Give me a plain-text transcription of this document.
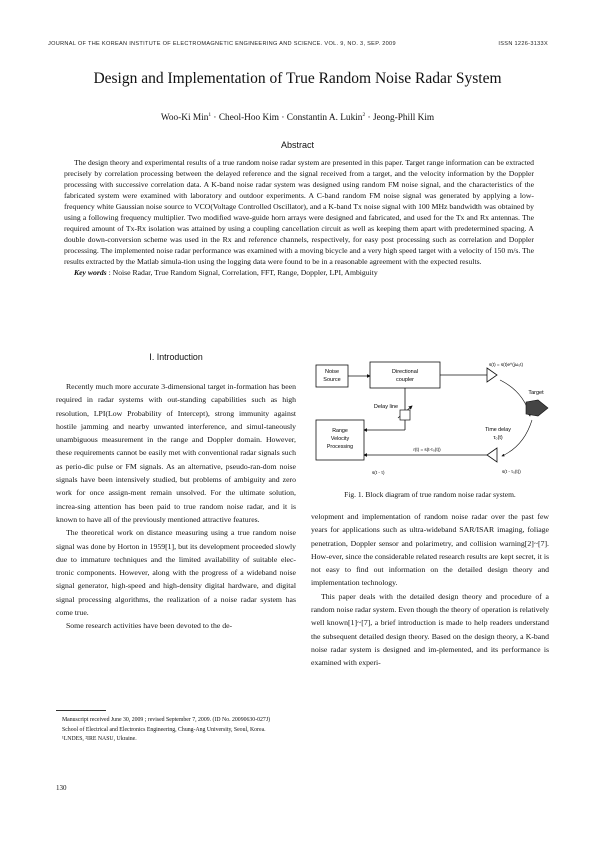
JOURNAL OF THE KOREAN INSTITUTE OF ELECTROMAGNETIC ENGINEERING AND SCIENCE. VOL. 9, NO. 3, SEP. 2009	ISSN 1226-3133X
Design and Implementation of True Random Noise Radar System
Woo-Ki Min$^1$ · Cheol-Hoo Kim · Constantin A. Lukin$^2$ · Jeong-Phill Kim
Abstract

The design theory and experimental results of a true random noise radar system are presented in this paper. Target range information can be extracted precisely by correlation processing between the delayed reference and the signal received from a target, and the velocity information by the Doppler processing with successive correlation data. A K-band noise radar system was designed using random FM noise signal, and the characteristics of the fabricated system were examined with laboratory and outdoor experiments. A C-band random FM noise signal was generated by applying a low-frequency white Gaussian noise source to VCO(Voltage Controlled Oscillator), and a K-band Tx noise signal with 100 MHz bandwidth was obtained by using a following frequency multiplier. Two modified wave-guide horn arrays were designed and fabricated, and used for the Tx and Rx antennas. The required amount of Tx-Rx isolation was attained by using a coupling cancellation circuit as well as keeping them apart with predetermined spacing. A double down-conversion scheme was used in the Rx and reference channels, respectively, for easy post processing such as correlation and Doppler processing. The implemented noise radar performance was examined with a moving bicycle and a very high speed target with a velocity of 150 m/s. The results extracted by the Matlab simula-tion using the logging data were found to be in a reasonable agreement with the expected results.

Key words : Noise Radar, True Random Signal, Correlation, FFT, Range, Doppler, LPI, Ambiguity

Ⅰ. Introduction

Recently much more accurate 3-dimensional target in-formation has been required in radar systems with out-standing capabilities such as high resolution, LPI(Low Probability of Intercept), strong immunity against hostile jamming and nearby unwanted interference, and simul-taneously unambiguous measurement in the range and Doppler domain. However, these requirements cannot be easily met with conventional radar signals such as perio-dic pulse or FM signals. As an alternative, pseudo-ran-dom noise signals have been intensively studied, but problems of ambiguity and zero work for once assign-ment remain unsolved. For the ultimate solution, increa-sing attention has been paid to true random noise radar, and it is known to have all of the previously mentioned attractive features.

The theoretical work on distance measuring using a true random noise signal was done by Horton in 1959[1], but its development proceeded slowly due to immature techniques and the limited availability of suitable elec-tronic components. However, along with the progress of a wideband noise signal generator, high-speed and high-density digital hardware, and digital signal processing algorithms, the realization of a noise radar system has come true.

Some research activities have been devoted to the de-

Noise
Source
Directional
coupler
s(t) = s(t)e^(jω₀t)
Target
Time delay
τ₀(t)
s(t - τ₀(t))
r(t) = s(t-τ₀(t))
Delay line
Range
Velocity
Processing
s(t - τ)
Fig. 1. Block diagram of true random noise radar system.

velopment and implementation of random noise radar over the past few years for applications such as ultra-wideband SAR/ISAR imaging, foliage penetration, Doppler sensor and polarimetry, and collision warning[2]~[7]. How-ever, since the considerable related research results are kept secret, it is not easy to find out information on the detailed design theory and implementation technology.

This paper deals with the detailed design theory and procedure of a random noise radar system. Even though the theory of operation is relatively well known[1]~[7], a brief introduction is made to help readers understand the subsequent detailed design theory. Based on the design theory, a K-band noise radar system is designed and im-plemented, and its performance is examined with experi-

Manuscript received June 30, 2009 ; revised September 7, 2009. (ID No. 20090630-027J)
School of Electrical and Electronics Engineering, Chung-Ang University, Seoul, Korea.
¹LNDES, ²IRE NASU, Ukraine.
130
